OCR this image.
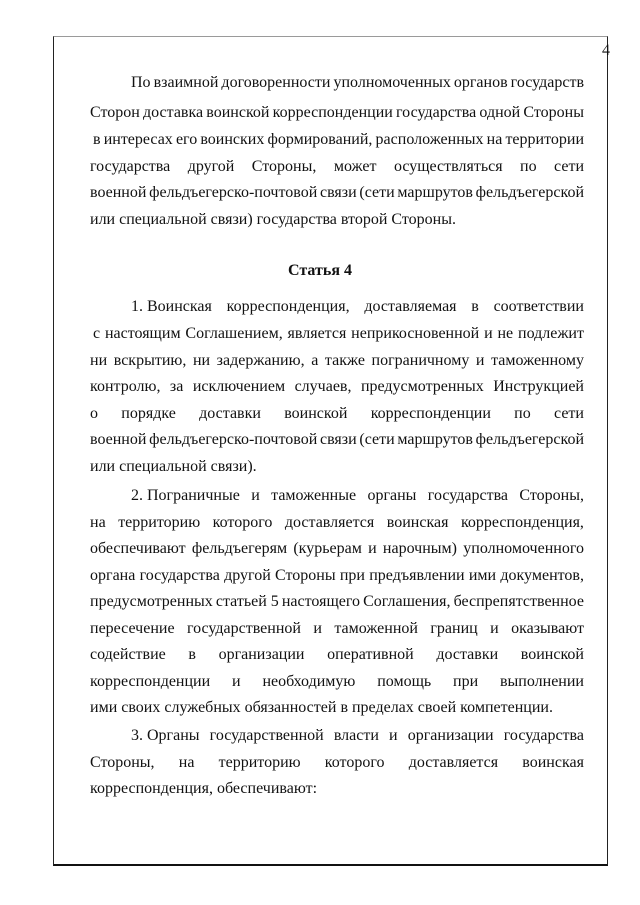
4
По взаимной договоренности уполномоченных органов государств
Сторон доставка воинской корреспонденции государства одной Стороны
в интересах его воинских формирований, расположенных на территории
государства другой Стороны, может осуществляться по сети
военной фельдъегерско-почтовой связи (сети маршрутов фельдъегерской
или специальной связи) государства второй Стороны.
1. Воинская корреспонденция, доставляемая в соответствии
с настоящим Соглашением, является неприкосновенной и не подлежит
ни вскрытию, ни задержанию, а также пограничному и таможенному
контролю, за исключением случаев, предусмотренных Инструкцией
о порядке доставки воинской корреспонденции по сети
военной фельдъегерско-почтовой связи (сети маршрутов фельдъегерской
или специальной связи).
2. Пограничные и таможенные органы государства Стороны,
на территорию которого доставляется воинская корреспонденция,
обеспечивают фельдъегерям (курьерам и нарочным) уполномоченного
органа государства другой Стороны при предъявлении ими документов,
предусмотренных статьей 5 настоящего Соглашения, беспрепятственное
пересечение государственной и таможенной границ и оказывают
содействие в организации оперативной доставки воинской
корреспонденции и необходимую помощь при выполнении
ими своих служебных обязанностей в пределах своей компетенции.
3. Органы государственной власти и организации государства
Стороны, на территорию которого доставляется воинская
корреспонденция, обеспечивают:
Статья 4
